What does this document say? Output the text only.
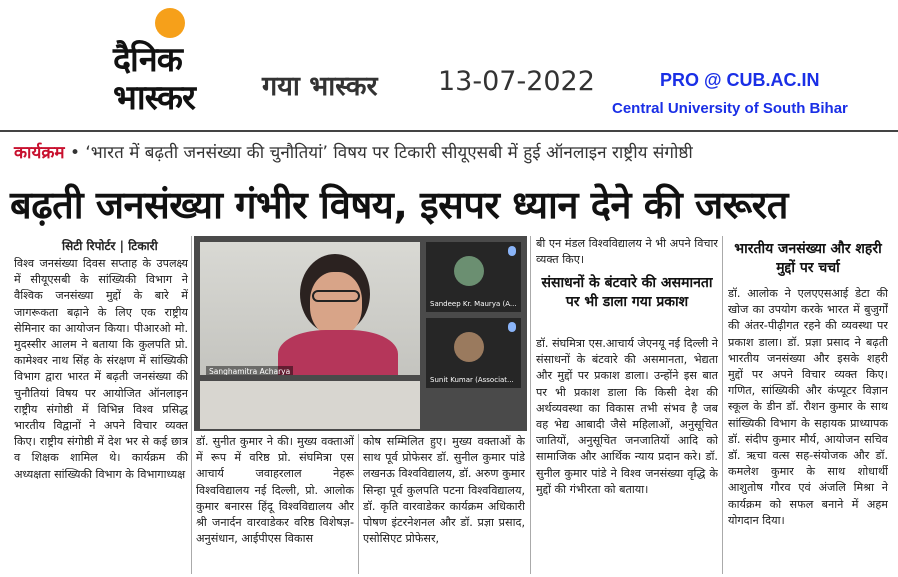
दैनिक
भास्कर	गया भास्कर 13-07-2022	PRO @ CUB.AC.IN
Central University of South Bihar
कार्यक्रम • ‘भारत में बढ़ती जनसंख्या की चुनौतियां’ विषय पर टिकारी सीयूएसबी में हुई ऑनलाइन राष्ट्रीय संगोष्ठी
बढ़ती जनसंख्या गंभीर विषय, इसपर ध्यान देने की जरूरत
सिटी रिपोर्टर | टिकारी
विश्व जनसंख्या दिवस सप्ताह के उपलक्ष्य में सीयूएसबी के सांख्यिकी विभाग ने वैश्विक जनसंख्या मुद्दों के बारे में जागरूकता बढ़ाने के लिए एक राष्ट्रीय सेमिनार का आयोजन किया। पीआरओ मो. मुदस्सीर आलम ने बताया कि कुलपति प्रो. कामेश्वर नाथ सिंह के संरक्षण में सांख्यिकी विभाग द्वारा भारत में बढ़ती जनसंख्या की चुनौतियां विषय पर आयोजित ऑनलाइन राष्ट्रीय संगोष्ठी में विभिन्न विश्व प्रसिद्ध भारतीय विद्वानों ने अपने विचार व्यक्त किए। राष्ट्रीय संगोष्ठी में देश भर से कई छात्र व शिक्षक शामिल थे। कार्यक्रम की अध्यक्षता सांख्यिकी विभाग के विभागाध्यक्ष
Sanghamitra Acharya
Sandeep Kr. Maurya (A...
Sunit Kumar (Associat...
डॉ. सुनीत कुमार ने की। मुख्य वक्ताओं में रूप में वरिष्ठ प्रो. संघमित्रा एस आचार्य जवाहरलाल नेहरू विश्वविद्यालय नई दिल्ली, प्रो. आलोक कुमार बनारस हिंदू विश्वविद्यालय और श्री जनार्दन वारवाडेकर वरिष्ठ विशेषज्ञ-अनुसंधान, आईपीएस विकास
कोष सम्मिलित हुए। मुख्य वक्ताओं के साथ पूर्व प्रोफेसर डॉ. सुनील कुमार पांडे लखनऊ विश्वविद्यालय, डॉ. अरुण कुमार सिन्हा पूर्व कुलपति पटना विश्वविद्यालय, डॉ. कृति वारवाडेकर कार्यक्रम अधिकारी पोषण इंटरनेशनल और डॉ. प्रज्ञा प्रसाद, एसोसिएट प्रोफेसर,
बी एन मंडल विश्वविद्यालय ने भी अपने विचार व्यक्त किए।
संसाधनों के बंटवारे की असमानता पर भी डाला गया प्रकाश
डॉ. संघमित्रा एस.आचार्य जेएनयू नई दिल्ली ने संसाधनों के बंटवारे की असमानता, भेद्यता और मुद्दों पर प्रकाश डाला। उन्होंने इस बात पर भी प्रकाश डाला कि किसी देश की अर्थव्यवस्था का विकास तभी संभव है जब वह भेद्य आबादी जैसे महिलाओं, अनुसूचित जातियों, अनुसूचित जनजातियों आदि को सामाजिक और आर्थिक न्याय प्रदान करे। डॉ. सुनील कुमार पांडे ने विश्व जनसंख्या वृद्धि के मुद्दों की गंभीरता को बताया।
भारतीय जनसंख्या और शहरी मुद्दों पर चर्चा
डॉ. आलोक ने एलएएसआई डेटा की खोज का उपयोग करके भारत में बुजुर्गों की अंतर-पीढ़ीगत रहने की व्यवस्था पर प्रकाश डाला। डॉ. प्रज्ञा प्रसाद ने बढ़ती भारतीय जनसंख्या और इसके शहरी मुद्दों पर अपने विचार व्यक्त किए। गणित, सांख्यिकी और कंप्यूटर विज्ञान स्कूल के डीन डॉ. रौशन कुमार के साथ सांख्यिकी विभाग के सहायक प्राध्यापक डॉ. संदीप कुमार मौर्य, आयोजन सचिव डॉ. ऋचा वत्स सह-संयोजक और डॉ. कमलेश कुमार के साथ शोधार्थी आशुतोष गौरव एवं अंजलि मिश्रा ने कार्यक्रम को सफल बनाने में अहम योगदान दिया।
